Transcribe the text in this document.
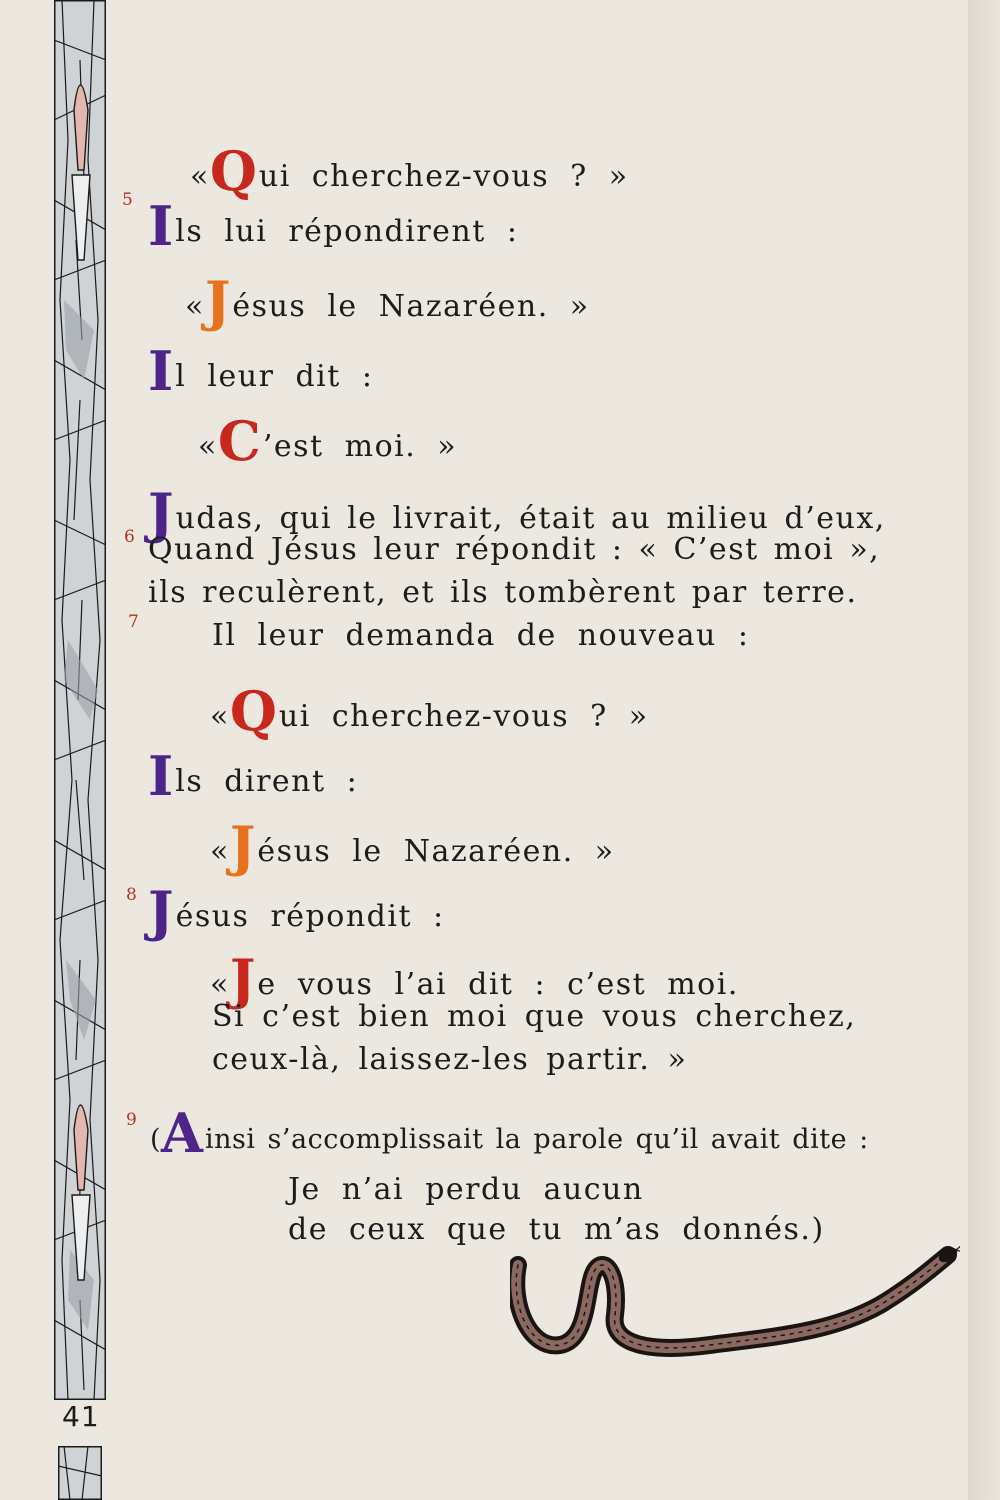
41
5
6
7
8
9
«Qui cherchez-vous ? »
Ils lui répondirent :
«Jésus le Nazaréen. »
Il leur dit :
«C’est moi. »
Judas, qui le livrait, était au milieu d’eux,
Quand Jésus leur répondit : « C’est moi »,
ils reculèrent, et ils tombèrent par terre.
Il leur demanda de nouveau :
«Qui cherchez-vous ? »
Ils dirent :
«Jésus le Nazaréen. »
Jésus répondit :
«Je vous l’ai dit : c’est moi.
Si c’est bien moi que vous cherchez,
ceux-là, laissez-les partir. »
(Ainsi s’accomplissait la parole qu’il avait dite :
Je n’ai perdu aucun
de ceux que tu m’as donnés.)
